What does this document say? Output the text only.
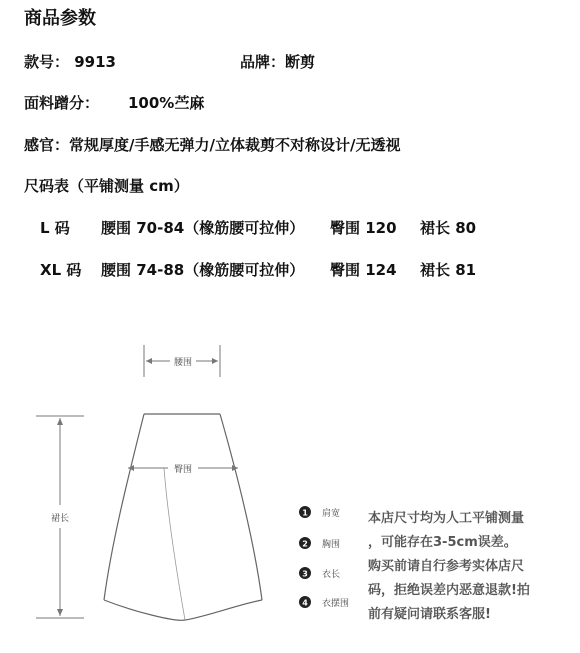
商品参数
款号： 9913	品牌：断剪
面料蹭分： 100%苎麻
感官：常规厚度/手感无弹力/立体裁剪不对称设计/无透视
尺码表（平铺测量 cm）
L 码 腰围 70-84（橡筋腰可拉伸） 臀围 120 裙长 80
XL 码 腰围 74-88（橡筋腰可拉伸） 臀围 124 裙长 81
腰围
裙长
臀围
1 肩宽
2 胸围
3 衣长
4 衣摆围
本店尺寸均为人工平铺测量
，可能存在3-5cm误差。
购买前请自行参考实体店尺
码，拒绝误差内恶意退款!拍
前有疑问请联系客服!
